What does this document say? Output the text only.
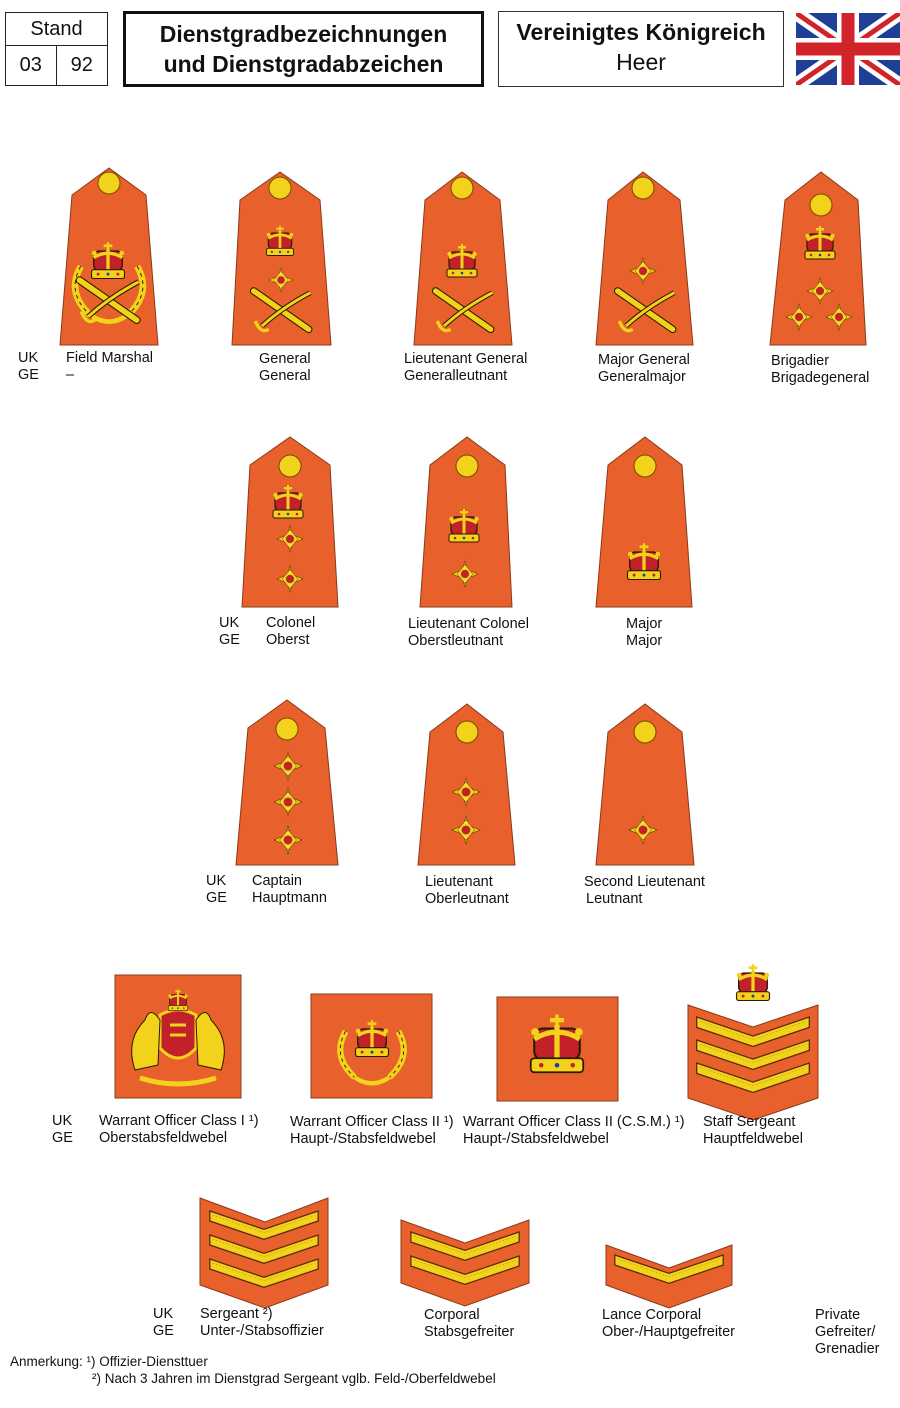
Stand
03	92
Dienstgradbezeichnungen
und Dienstgradabzeichen
Vereinigtes Königreich
Heer
UK
GE
Field Marshal
–
General
General
Lieutenant General
Generalleutnant
Major General
Generalmajor
Brigadier
Brigadegeneral
UK
GE
Colonel
Oberst
Lieutenant Colonel
Oberstleutnant
Major
Major
UK
GE
Captain
Hauptmann
Lieutenant
Oberleutnant
Second Lieutenant
Leutnant
UK
GE
Warrant Officer Class I ¹)
Oberstabsfeldwebel
Warrant Officer Class II ¹)
Haupt-/Stabsfeldwebel
Warrant Officer Class II (C.S.M.) ¹)
Haupt-/Stabsfeldwebel
Staff Sergeant
Hauptfeldwebel
UK
GE
Sergeant ²)
Unter-/Stabsoffizier
Corporal
Stabsgefreiter
Lance Corporal
Ober-/Hauptgefreiter
Private
Gefreiter/
Grenadier
Anmerkung: ¹) Offizier-Diensttuer
²) Nach 3 Jahren im Dienstgrad Sergeant vglb. Feld-/Oberfeldwebel
